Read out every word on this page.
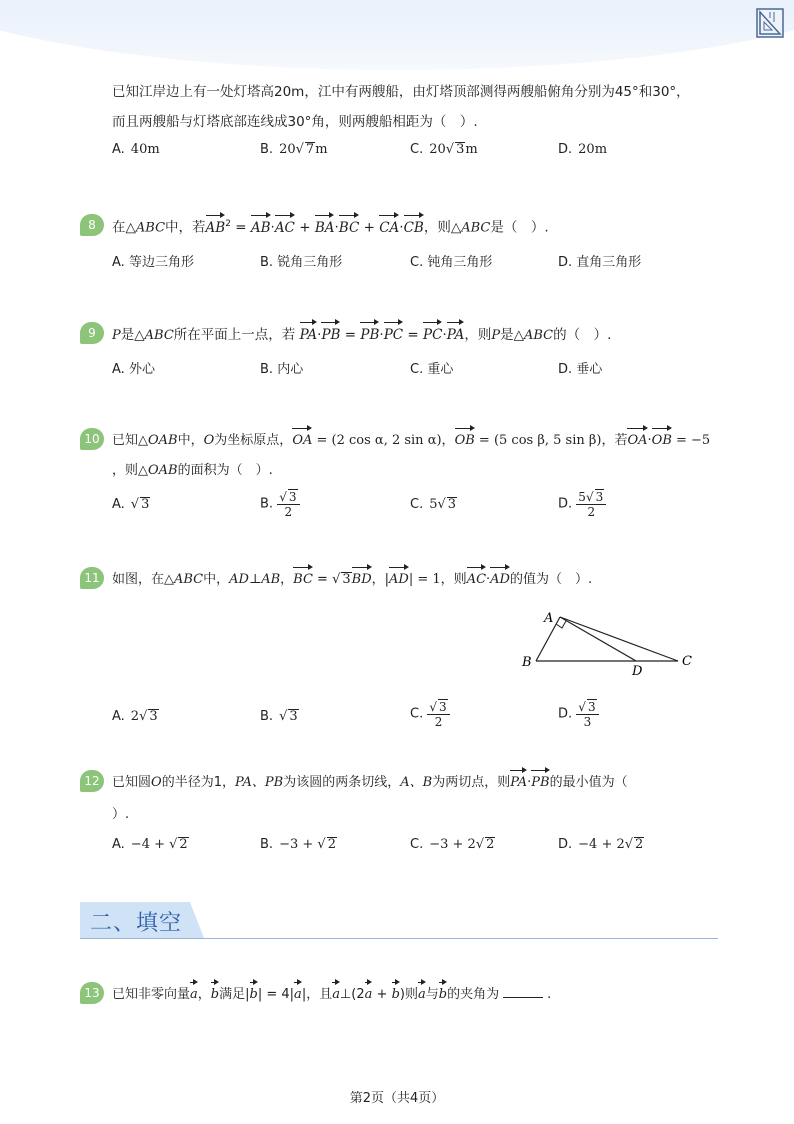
已知江岸边上有一处灯塔高20m，江中有两艘船，由灯塔顶部测得两艘船俯角分别为45°和30°，
而且两艘船与灯塔底部连线成30°角，则两艘船相距为（　）.
A. 40m	B. 20√ 7m	C. 20√ 3m	D. 20m
8	在△ABC中，若$AB^2 = AB\cdot AC + BA\cdot BC + CA\cdot CB$，则△ABC是（　）.
A. 等边三角形	B. 锐角三角形	C. 钝角三角形	D. 直角三角形
9	P是△ABC所在平面上一点，若 PA·PB = PB·PC = PC·PA，则P是△ABC的（　）.
A. 外心	B. 内心	C. 重心	D. 垂心
10 已知△OAB中，O为坐标原点，OA = (2 cos α, 2 sin α)，OB = (5 cos β, 5 sin β)，若OA·OB = −5
，则△OAB的面积为（　）.
A. √ 3	B. $\frac{√ 3}{2}$	C. 5√ 3	D. $\frac{5√ 3}{2}$
11 如图，在△ABC中，AD⊥AB，BC = √ 3BD，|AD| = 1，则AC·AD的值为（　）.
A
B	C
D
A. 2√ 3	B. √ 3	C. $\frac{√ 3}{2}$	D. $\frac{√ 3}{3}$
12 已知圆O的半径为1，PA、PB为该圆的两条切线，A、B为两切点，则PA·PB的最小值为（
）.
A. −4 + √ 2	B. −3 + √ 2	C. −3 + 2√ 2	D. −4 + 2√ 2
二、填空
13 已知非零向量a，b满足|b| = 4|a|，且a⊥(2a + b)则a与b的夹角为	.
第2页（共4页）
